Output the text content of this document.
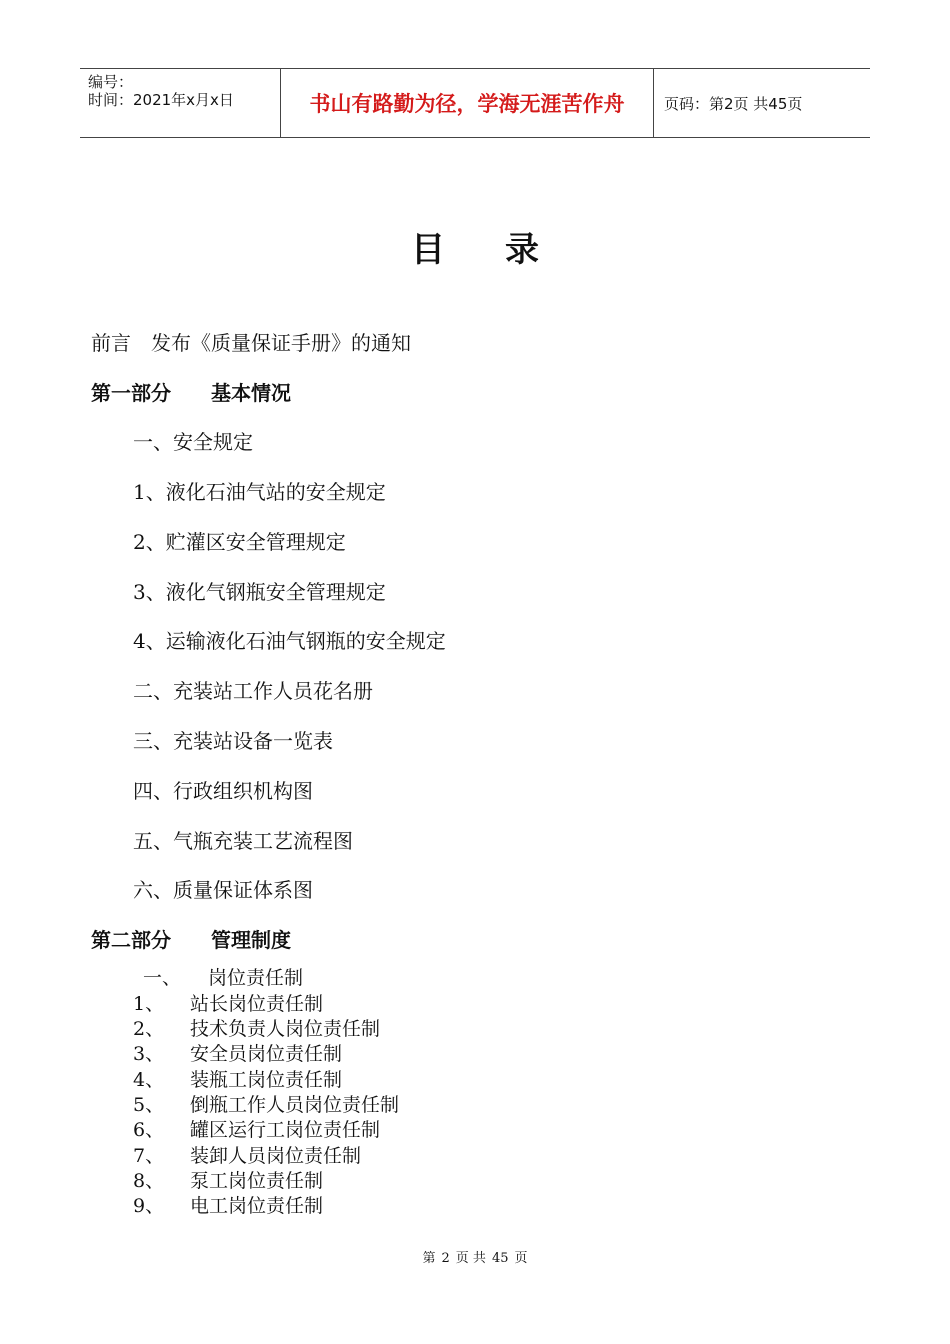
编号：
时间：2021年x月x日	书山有路勤为径，学海无涯苦作舟	页码：第2页 共45页
目录
前言　发布《质量保证手册》的通知
第一部分　　基本情况
一、安全规定
1、液化石油气站的安全规定
2、贮灌区安全管理规定
3、液化气钢瓶安全管理规定
4、运输液化石油气钢瓶的安全规定
二、充装站工作人员花名册
三、充装站设备一览表
四、行政组织机构图
五、气瓶充装工艺流程图
六、质量保证体系图
第二部分　　管理制度
一、 岗位责任制
1、 站长岗位责任制
2、 技术负责人岗位责任制
3、 安全员岗位责任制
4、 装瓶工岗位责任制
5、 倒瓶工作人员岗位责任制
6、 罐区运行工岗位责任制
7、 装卸人员岗位责任制
8、 泵工岗位责任制
9、 电工岗位责任制
第 2 页 共 45 页
